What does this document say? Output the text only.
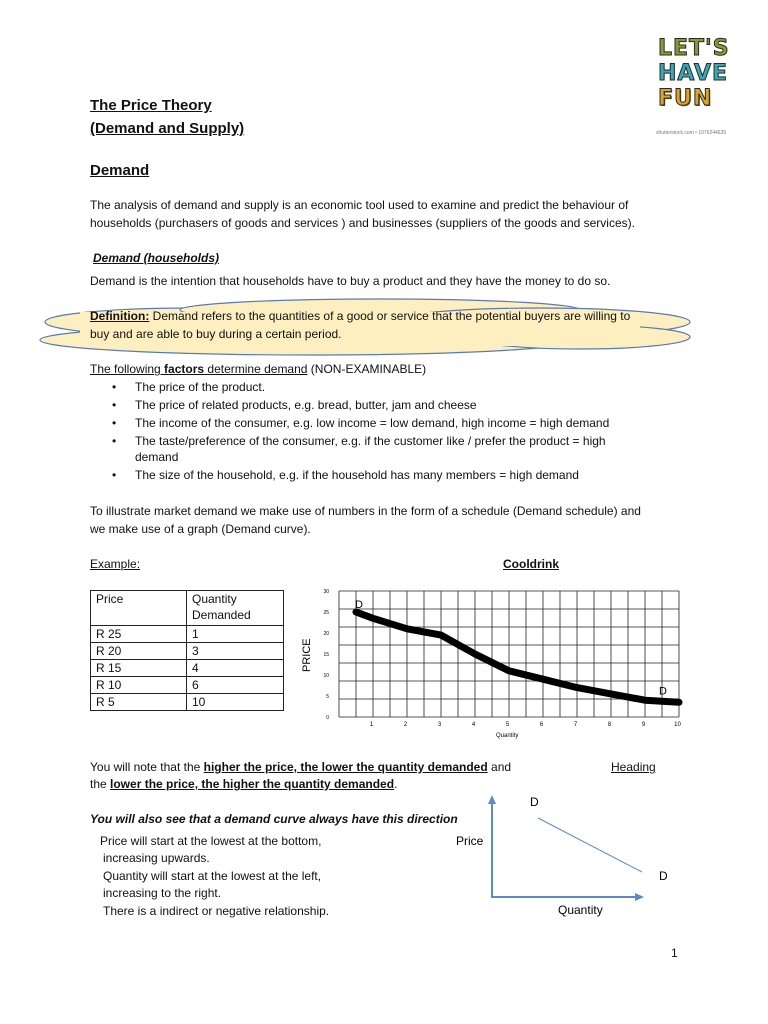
LET'S
HAVE
FUN
shutterstock.com • 1076244635
The Price Theory
(Demand and Supply)
Demand
The analysis of demand and supply is an economic tool used to examine and predict the behaviour of
households (purchasers of goods and services ) and businesses (suppliers of the goods and services).
Demand (households)
Demand is the intention that households have to buy a product and they have the money to do so.
Definition: Demand refers to the quantities of a good or service that the potential buyers are willing to
buy and are able to buy during a certain period.
The following factors determine demand (NON-EXAMINABLE)
• The price of the product.
• The price of related products, e.g. bread, butter, jam and cheese
• The income of the consumer, e.g. low income = low demand, high income = high demand
• The taste/preference of the consumer, e.g. if the customer like / prefer the product = high
demand
• The size of the household, e.g. if the household has many members = high demand
To illustrate market demand we make use of numbers in the form of a schedule (Demand schedule) and
we make use of a graph (Demand curve).
Example:	Cooldrink
Price	Quantity
Demanded
R 25	1
R 20	3
R 15	4
R 10	6
R 5	10
0
5
10
15
20
25
30
1	2	3	4	5	6	7	8	9	10
D
D
PRICE
Quantity
You will note that the higher the price, the lower the quantity demanded and	Heading
the lower the price, the higher the quantity demanded.
You will also see that a demand curve always have this direction
Price will start at the lowest at the bottom,
increasing upwards.
Quantity will start at the lowest at the left,
increasing to the right.
There is a indirect or negative relationship.
D
D
Price
Quantity
1
